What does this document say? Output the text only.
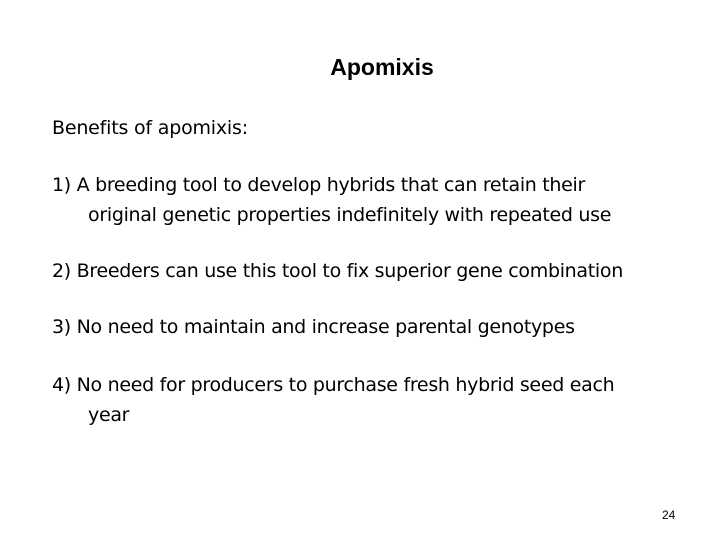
Apomixis
Benefits of apomixis:
1) A breeding tool to develop hybrids that can retain their
original genetic properties indefinitely with repeated use
2) Breeders can use this tool to fix superior gene combination
3) No need to maintain and increase parental genotypes
4) No need for producers to purchase fresh hybrid seed each
year
24
